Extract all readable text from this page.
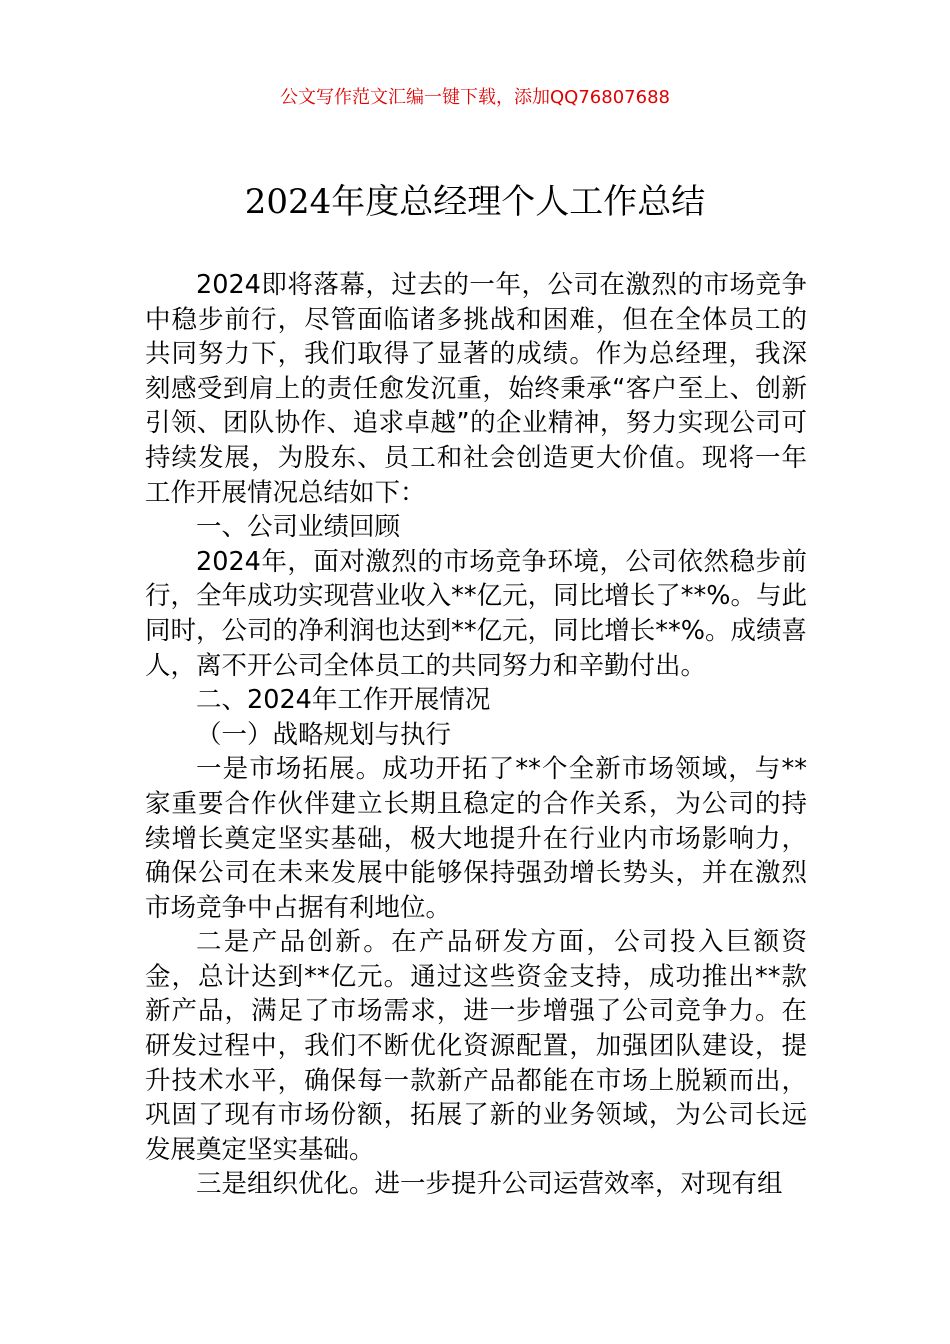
公文写作范文汇编一键下载，添加QQ76807688
2024年度总经理个人工作总结

2024即将落幕，过去的一年，公司在激烈的市场竞争中稳步前行，尽管面临诸多挑战和困难，但在全体员工的共同努力下，我们取得了显著的成绩。作为总经理，我深刻感受到肩上的责任愈发沉重，始终秉承“客户至上、创新引领、团队协作、追求卓越”的企业精神，努力实现公司可持续发展，为股东、员工和社会创造更大价值。现将一年工作开展情况总结如下：

一、公司业绩回顾

2024年，面对激烈的市场竞争环境，公司依然稳步前行，全年成功实现营业收入**亿元，同比增长了**%。与此同时，公司的净利润也达到**亿元，同比增长**%。成绩喜人，离不开公司全体员工的共同努力和辛勤付出。

二、2024年工作开展情况

（一）战略规划与执行

一是市场拓展。成功开拓了**个全新市场领域，与**家重要合作伙伴建立长期且稳定的合作关系，为公司的持续增长奠定坚实基础，极大地提升在行业内市场影响力，确保公司在未来发展中能够保持强劲增长势头，并在激烈市场竞争中占据有利地位。

二是产品创新。在产品研发方面，公司投入巨额资金，总计达到**亿元。通过这些资金支持，成功推出**款新产品，满足了市场需求，进一步增强了公司竞争力。在研发过程中，我们不断优化资源配置，加强团队建设，提升技术水平，确保每一款新产品都能在市场上脱颖而出，巩固了现有市场份额，拓展了新的业务领域，为公司长远发展奠定坚实基础。

三是组织优化。进一步提升公司运营效率，对现有组
